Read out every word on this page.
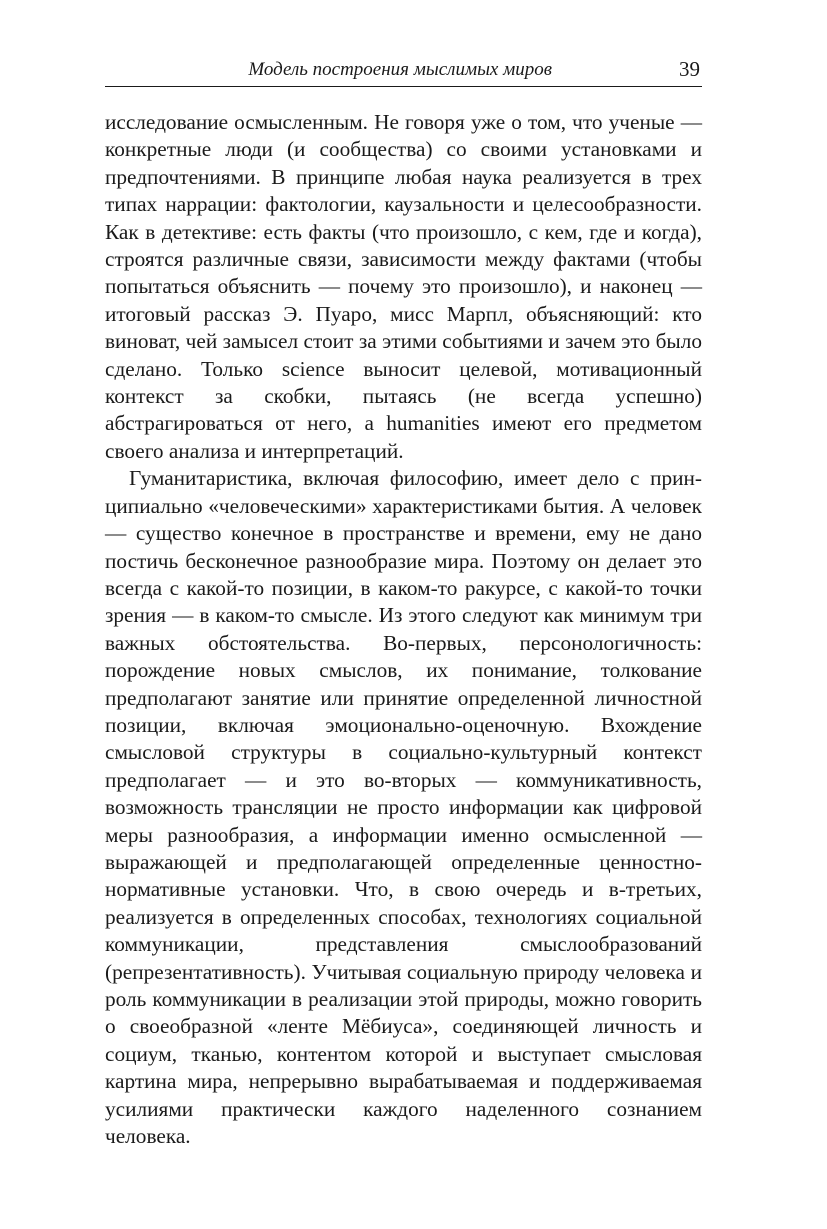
Модель построения мыслимых миров	39

исследование осмысленным. Не говоря уже о том, что ученые — конкретные люди (и сообщества) со своими установками и предпочтениями. В принципе любая наука реализуется в трех типах наррации: фактологии, каузальности и целесообразности. Как в детективе: есть факты (что произошло, с кем, где и когда), строятся различные связи, зависимости между фактами (чтобы попытаться объяснить — почему это произошло), и наконец — итоговый рассказ Э. Пуаро, мисс Марпл, объясняющий: кто виноват, чей замысел стоит за этими событиями и зачем это было сделано. Только science выносит целевой, мотивационный контекст за скобки, пытаясь (не всегда успешно) абстрагироваться от него, а humanities имеют его предметом своего анализа и интерпретаций.

Гуманитаристика, включая философию, имеет дело с принципиально «человеческими» характеристиками бытия. А человек — существо конечное в пространстве и времени, ему не дано постичь бесконечное разнообразие мира. Поэтому он делает это всегда с какой-то позиции, в каком-то ракурсе, с какой-то точки зрения — в каком-то смысле. Из этого следуют как минимум три важных обстоятельства. Во-первых, персонологичность: порождение новых смыслов, их понимание, толкование предполагают занятие или принятие определенной личностной позиции, включая эмоционально-оценочную. Вхождение смысловой структуры в социально-культурный контекст предполагает — и это во-вторых — коммуникативность, возможность трансляции не просто информации как цифровой меры разнообразия, а информации именно осмысленной — выражающей и предполагающей определенные ценностно-нормативные установки. Что, в свою очередь и в-третьих, реализуется в определенных способах, технологиях социальной коммуникации, представления смыслообразований (репрезентативность). Учитывая социальную природу человека и роль коммуникации в реализации этой природы, можно говорить о своеобразной «ленте Мёбиуса», соединяющей личность и социум, тканью, контентом которой и выступает смысловая картина мира, непрерывно вырабатываемая и поддерживаемая усилиями практически каждого наделенного сознанием человека.
